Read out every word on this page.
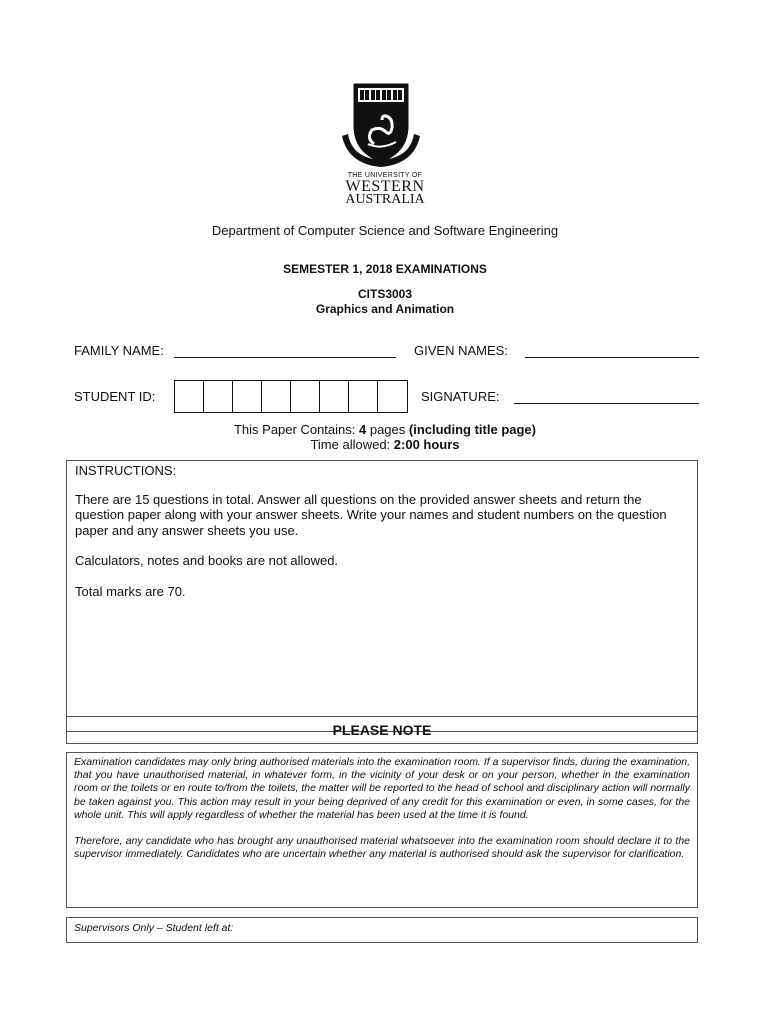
THE UNIVERSITY OF
WESTERN
AUSTRALIA
Department of Computer Science and Software Engineering
SEMESTER 1, 2018 EXAMINATIONS
CITS3003
Graphics and Animation
FAMILY NAME:	GIVEN NAMES:
STUDENT ID:	SIGNATURE:
This Paper Contains: 4 pages (including title page)
Time allowed: 2:00 hours

INSTRUCTIONS:

There are 15 questions in total. Answer all questions on the provided answer sheets and return the question paper along with your answer sheets. Write your names and student numbers on the question paper and any answer sheets you use.

Calculators, notes and books are not allowed.

Total marks are 70.

PLEASE NOTE

Examination candidates may only bring authorised materials into the examination room. If a supervisor finds, during the examination, that you have unauthorised material, in whatever form, in the vicinity of your desk or on your person, whether in the examination room or the toilets or en route to/from the toilets, the matter will be reported to the head of school and disciplinary action will normally be taken against you. This action may result in your being deprived of any credit for this examination or even, in some cases, for the whole unit. This will apply regardless of whether the material has been used at the time it is found.

Therefore, any candidate who has brought any unauthorised material whatsoever into the examination room should declare it to the supervisor immediately. Candidates who are uncertain whether any material is authorised should ask the supervisor for clarification.

Supervisors Only – Student left at:
